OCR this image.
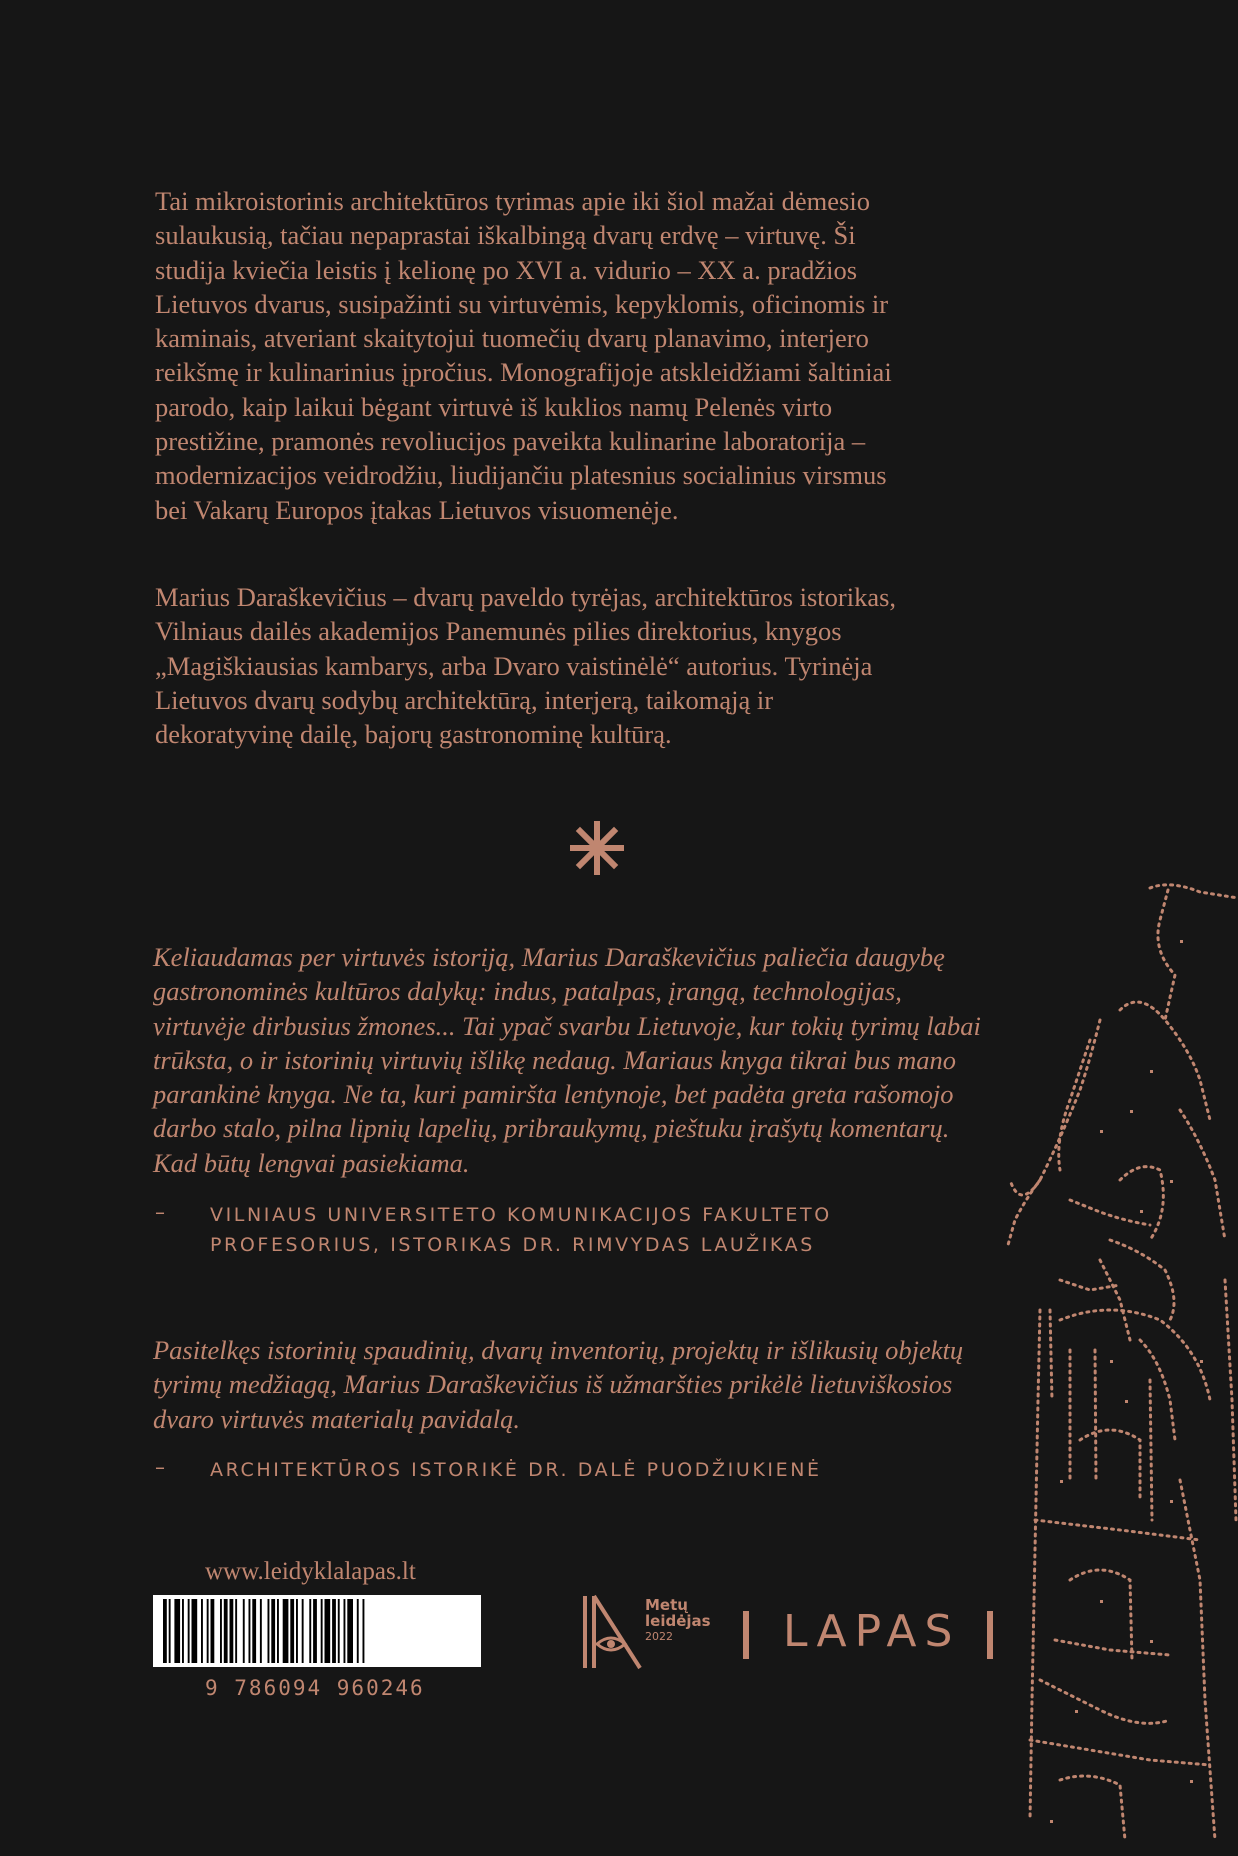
Tai mikroistorinis architektūros tyrimas apie iki šiol mažai dėmesio
sulaukusią, tačiau nepaprastai iškalbingą dvarų erdvę – virtuvę. Ši
studija kviečia leistis į kelionę po XVI a. vidurio – XX a. pradžios
Lietuvos dvarus, susipažinti su virtuvėmis, kepyklomis, oficinomis ir
kaminais, atveriant skaitytojui tuomečių dvarų planavimo, interjero
reikšmę ir kulinarinius įpročius. Monografijoje atskleidžiami šaltiniai
parodo, kaip laikui bėgant virtuvė iš kuklios namų Pelenės virto
prestižine, pramonės revoliucijos paveikta kulinarine laboratorija –
modernizacijos veidrodžiu, liudijančiu platesnius socialinius virsmus
bei Vakarų Europos įtakas Lietuvos visuomenėje.

Marius Daraškevičius – dvarų paveldo tyrėjas, architektūros istorikas,
Vilniaus dailės akademijos Panemunės pilies direktorius, knygos
„Magiškiausias kambarys, arba Dvaro vaistinėlė“ autorius. Tyrinėja
Lietuvos dvarų sodybų architektūrą, interjerą, taikomąją ir
dekoratyvinę dailę, bajorų gastronominę kultūrą.

Keliaudamas per virtuvės istoriją, Marius Daraškevičius paliečia daugybę
gastronominės kultūros dalykų: indus, patalpas, įrangą, technologijas,
virtuvėje dirbusius žmones... Tai ypač svarbu Lietuvoje, kur tokių tyrimų labai
trūksta, o ir istorinių virtuvių išlikę nedaug. Mariaus knyga tikrai bus mano
parankinė knyga. Ne ta, kuri pamiršta lentynoje, bet padėta greta rašomojo
darbo stalo, pilna lipnių lapelių, pribraukymų, pieštuku įrašytų komentarų.
Kad būtų lengvai pasiekiama.

– VILNIAUS UNIVERSITETO KOMUNIKACIJOS FAKULTETO
PROFESORIUS, ISTORIKAS DR. RIMVYDAS LAUŽIKAS

Pasitelkęs istorinių spaudinių, dvarų inventorių, projektų ir išlikusių objektų
tyrimų medžiagą, Marius Daraškevičius iš užmaršties prikėlė lietuviškosios
dvaro virtuvės materialų pavidalą.

– ARCHITEKTŪROS ISTORIKĖ DR. DALĖ PUODŽIUKIENĖ
www.leidyklalapas.lt
9 786094 960246
Metų
leidėjas
2022	LAPAS
